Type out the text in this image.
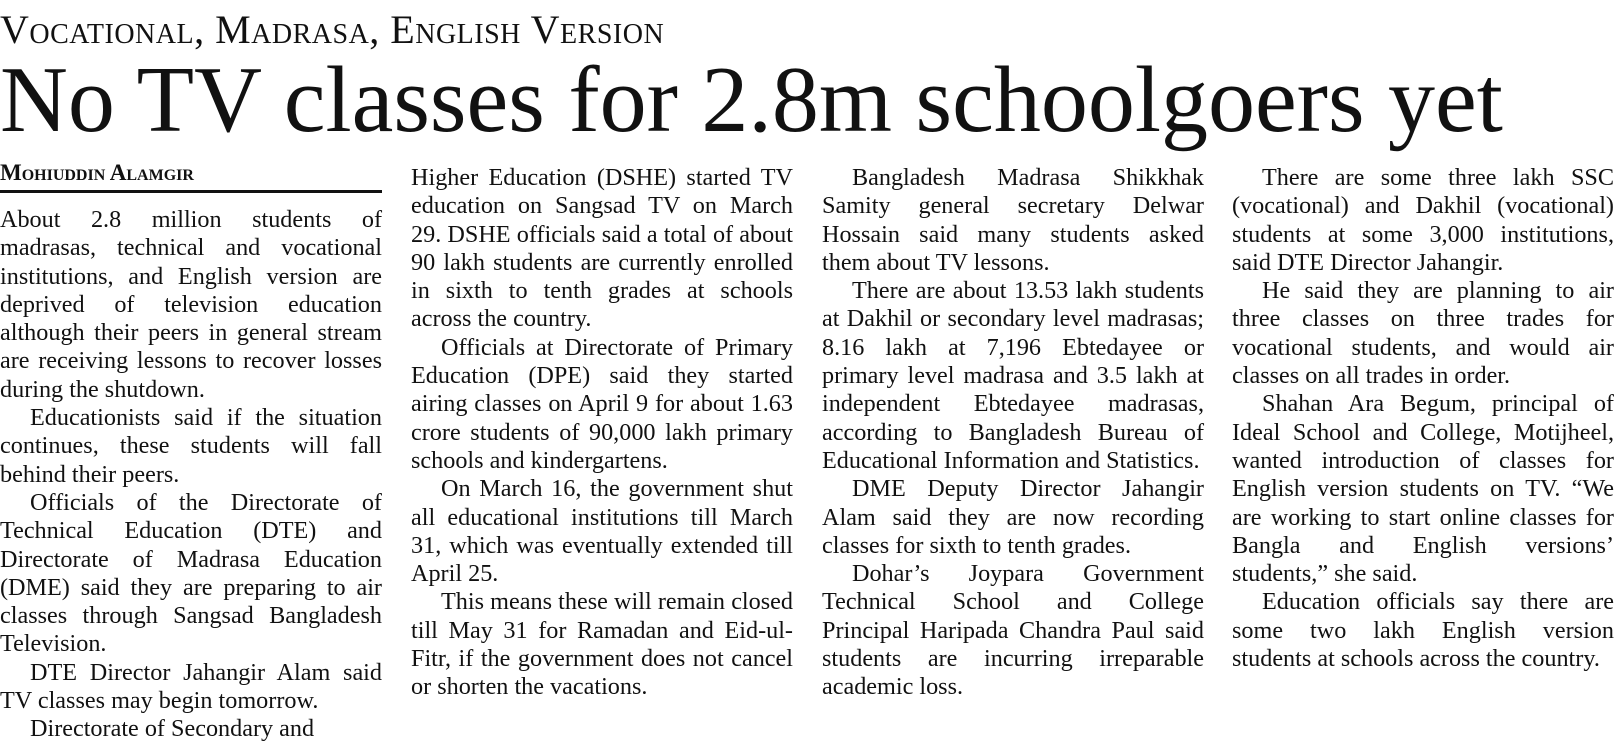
Vocational, Madrasa, English Version
No TV classes for 2.8m schoolgoers yet
Mohiuddin Alamgir

About 2.8 million students of madrasas, technical and vocational institutions, and English version are deprived of television education although their peers in general stream are receiving lessons to recover losses during the shutdown.

Educationists said if the situation continues, these students will fall behind their peers.

Officials of the Directorate of Technical Education (DTE) and Directorate of Madrasa Education (DME) said they are preparing to air classes through Sangsad Bangladesh Television.

DTE Director Jahangir Alam said TV classes may begin tomorrow.

Directorate of Secondary and

Higher Education (DSHE) started TV education on Sangsad TV on March 29. DSHE officials said a total of about 90 lakh students are currently enrolled in sixth to tenth grades at schools across the country.

Officials at Directorate of Primary Education (DPE) said they started airing classes on April 9 for about 1.63 crore students of 90,000 lakh primary schools and kindergartens.

On March 16, the government shut all educational institutions till March 31, which was eventually extended till April 25.

This means these will remain closed till May 31 for Ramadan and Eid-ul-Fitr, if the government does not cancel or shorten the vacations.

Bangladesh Madrasa Shikkhak Samity general secretary Delwar Hossain said many students asked them about TV lessons.

There are about 13.53 lakh students at Dakhil or secondary level madrasas; 8.16 lakh at 7,196 Ebtedayee or primary level madrasa and 3.5 lakh at independent Ebtedayee madrasas, according to Bangladesh Bureau of Educational Information and Statistics.

DME Deputy Director Jahangir Alam said they are now recording classes for sixth to tenth grades.

Dohar’s Joypara Government Technical School and College Principal Haripada Chandra Paul said students are incurring irreparable academic loss.

There are some three lakh SSC (vocational) and Dakhil (vocational) students at some 3,000 institutions, said DTE Director Jahangir.

He said they are planning to air three classes on three trades for vocational students, and would air classes on all trades in order.

Shahan Ara Begum, principal of Ideal School and College, Motijheel, wanted introduction of classes for English version students on TV. “We are working to start online classes for Bangla and English versions’ students,” she said.

Education officials say there are some two lakh English version students at schools across the country.
